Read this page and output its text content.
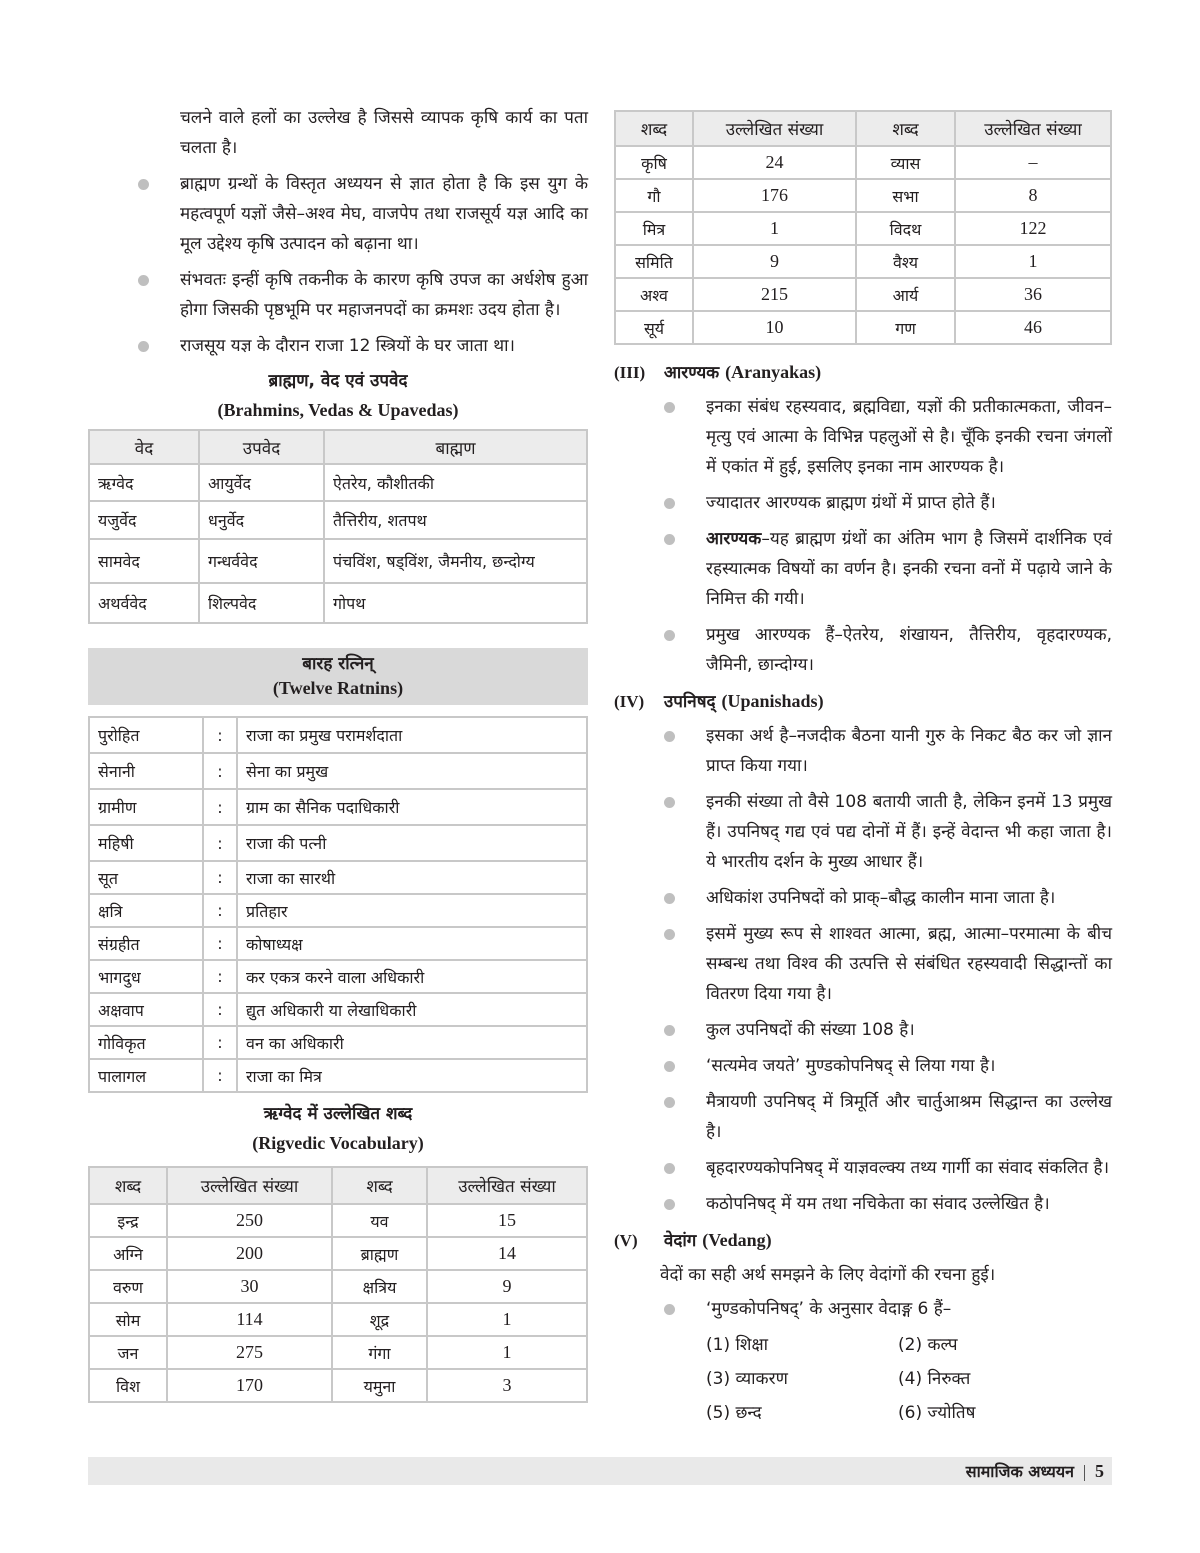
चलने वाले हलों का उल्लेख है जिससे व्यापक कृषि कार्य का पता चलता है।

ब्राह्मण ग्रन्थों के विस्तृत अध्ययन से ज्ञात होता है कि इस युग के महत्वपूर्ण यज्ञों जैसे–अश्व मेघ, वाजपेप तथा राजसूर्य यज्ञ आदि का मूल उद्देश्य कृषि उत्पादन को बढ़ाना था।
संभवतः इन्हीं कृषि तकनीक के कारण कृषि उपज का अर्धशेष हुआ होगा जिसकी पृष्ठभूमि पर महाजनपदों का क्रमशः उदय होता है।
राजसूय यज्ञ के दौरान राजा 12 स्त्रियों के घर जाता था।
ब्राह्मण, वेद एवं उपवेद
(Brahmins, Vedas & Upavedas)
वेद	उपवेद	बाह्मण
ऋग्वेद	आयुर्वेद	ऐतरेय, कौशीतकी
यजुर्वेद	धनुर्वेद	तैत्तिरीय, शतपथ
सामवेद	गन्धर्ववेद	पंचविंश, षड्विंश, जैमनीय, छन्दोग्य
अथर्ववेद	शिल्पवेद	गोपथ
बारह रत्निन्
(Twelve Ratnins)
पुरोहित	:	राजा का प्रमुख परामर्शदाता
सेनानी	:	सेना का प्रमुख
ग्रामीण	:	ग्राम का सैनिक पदाधिकारी
महिषी	:	राजा की पत्नी
सूत	:	राजा का सारथी
क्षत्रि	:	प्रतिहार
संग्रहीत	:	कोषाध्यक्ष
भागदुध	:	कर एकत्र करने वाला अधिकारी
अक्षवाप	:	द्युत अधिकारी या लेखाधिकारी
गोविकृत	:	वन का अधिकारी
पालागल	:	राजा का मित्र
ऋग्वेद में उल्लेखित शब्द
(Rigvedic Vocabulary)
शब्द	उल्लेखित संख्या	शब्द	उल्लेखित संख्या
इन्द्र	250	यव	15
अग्नि	200	ब्राह्मण	14
वरुण	30	क्षत्रिय	9
सोम	114	शूद्र	1
जन	275	गंगा	1
विश	170	यमुना	3
शब्द	उल्लेखित संख्या	शब्द	उल्लेखित संख्या
कृषि	24	व्यास	–
गौ	176	सभा	8
मित्र	1	विदथ	122
समिति	9	वैश्य	1
अश्व	215	आर्य	36
सूर्य	10	गण	46
(III) आरण्यक (Aranyakas)
इनका संबंध रहस्यवाद, ब्रह्मविद्या, यज्ञों की प्रतीकात्मकता, जीवन–मृत्यु एवं आत्मा के विभिन्न पहलुओं से है। चूँकि इनकी रचना जंगलों में एकांत में हुई, इसलिए इनका नाम आरण्यक है।
ज्यादातर आरण्यक ब्राह्मण ग्रंथों में प्राप्त होते हैं।
आरण्यक–यह ब्राह्मण ग्रंथों का अंतिम भाग है जिसमें दार्शनिक एवं रहस्यात्मक विषयों का वर्णन है। इनकी रचना वनों में पढ़ाये जाने के निमित्त की गयी।
प्रमुख आरण्यक हैं–ऐतरेय, शंखायन, तैत्तिरीय, वृहदारण्यक, जैमिनी, छान्दोग्य।
(IV) उपनिषद् (Upanishads)
इसका अर्थ है–नजदीक बैठना यानी गुरु के निकट बैठ कर जो ज्ञान प्राप्त किया गया।
इनकी संख्या तो वैसे 108 बतायी जाती है, लेकिन इनमें 13 प्रमुख हैं। उपनिषद् गद्य एवं पद्य दोनों में हैं। इन्हें वेदान्त भी कहा जाता है। ये भारतीय दर्शन के मुख्य आधार हैं।
अधिकांश उपनिषदों को प्राक्–बौद्ध कालीन माना जाता है।
इसमें मुख्य रूप से शाश्वत आत्मा, ब्रह्म, आत्मा–परमात्मा के बीच सम्बन्ध तथा विश्व की उत्पत्ति से संबंधित रहस्यवादी सिद्धान्तों का वितरण दिया गया है।
कुल उपनिषदों की संख्या 108 है।
‘सत्यमेव जयते’ मुण्डकोपनिषद् से लिया गया है।
मैत्रायणी उपनिषद् में त्रिमूर्ति और चार्तुआश्रम सिद्धान्त का उल्लेख है।
बृहदारण्यकोपनिषद् में याज्ञवल्क्य तथ्य गार्गी का संवाद संकलित है।
कठोपनिषद् में यम तथा नचिकेता का संवाद उल्लेखित है।
(V) वेदांग (Vedang)

वेदों का सही अर्थ समझने के लिए वेदांगों की रचना हुई।

‘मुण्डकोपनिषद्’ के अनुसार वेदाङ्ग 6 हैं–
(1) शिक्षा	(2) कल्प
(3) व्याकरण	(4) निरुक्त
(5) छन्द	(6) ज्योतिष
सामाजिक अध्ययन 5
